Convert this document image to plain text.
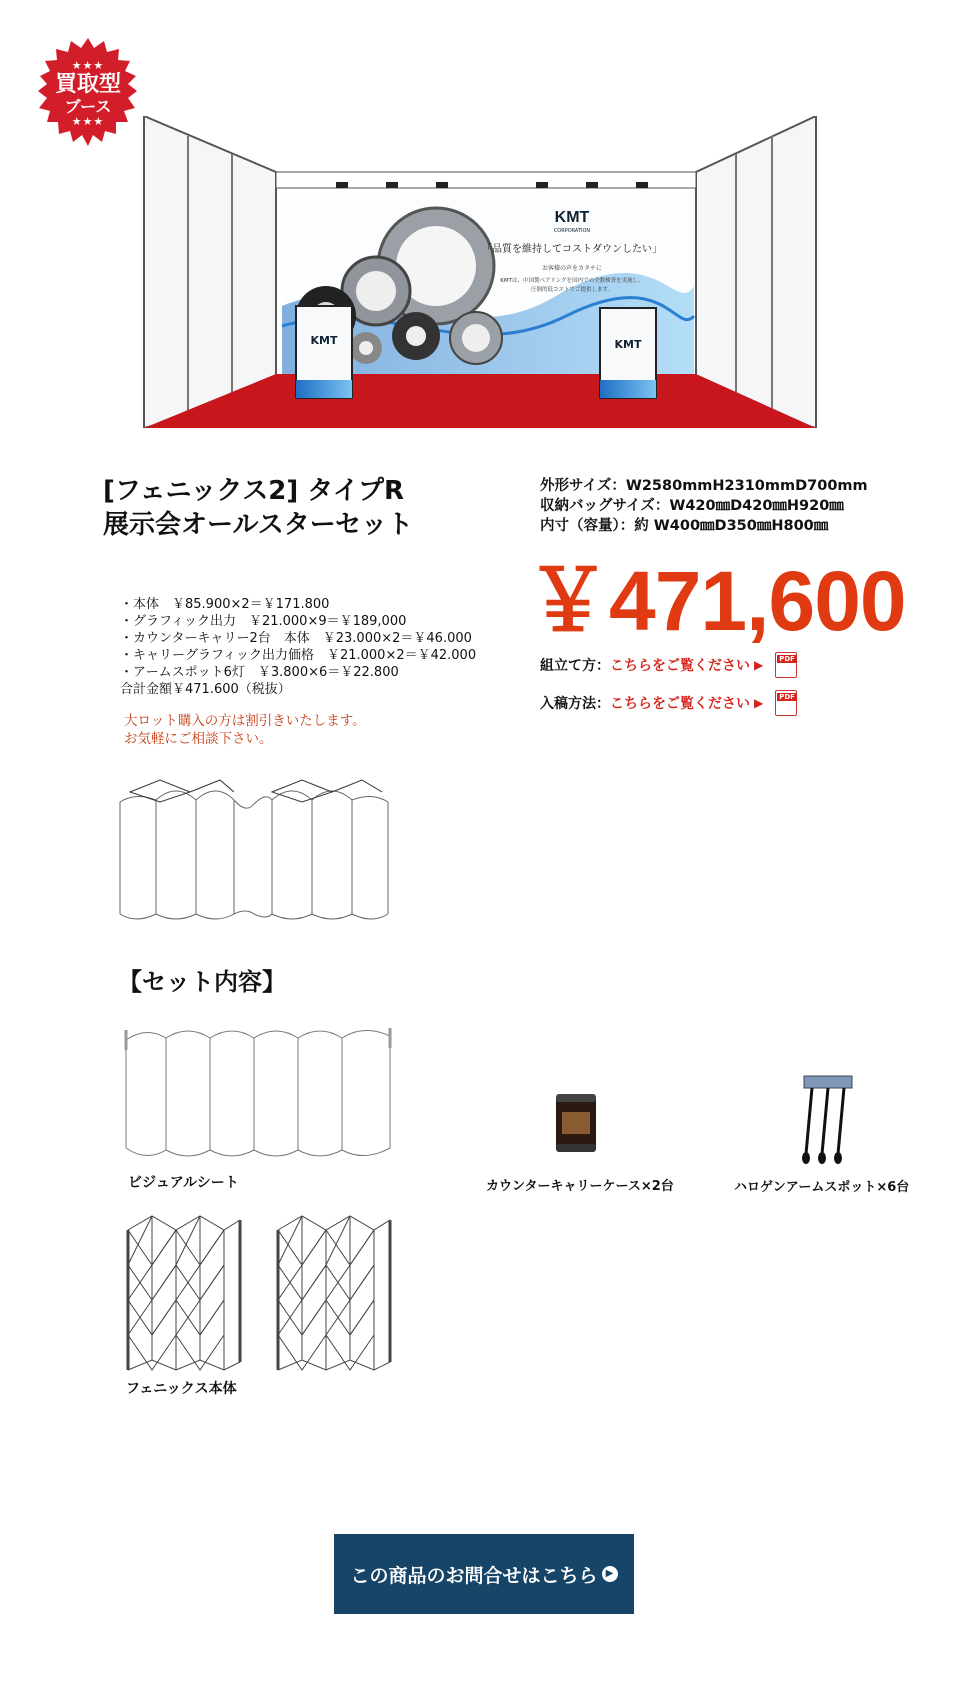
★★★
買取型
ブース
★★★
KMT
CORPORATION
「品質を維持してコストダウンしたい」
お客様の声をカタチに
KMTは、中国製ベアリングを国内での全数検査を実施し、
圧倒的低コストでご提供します。
KMT	KMT
[フェニックス2] タイプR
展示会オールスターセット
外形サイズ：W2580mmH2310mmD700mm
収納バッグサイズ：W420㎜D420㎜H920㎜
内寸（容量）：約 W400㎜D350㎜H800㎜
￥471,600
組立て方： こちらをご覧ください ▶ PDF
入稿方法： こちらをご覧ください ▶ PDF
・本体　￥85.900×2＝￥171.800
・グラフィック出力　￥21.000×9＝￥189,000
・カウンターキャリー2台　本体　￥23.000×2＝￥46.000
・キャリーグラフィック出力価格　￥21.000×2＝￥42.000
・アームスポット6灯　￥3.800×6＝￥22.800
合計金額￥471.600（税抜）
大ロット購入の方は割引きいたします。
お気軽にご相談下さい。
【セット内容】
ビジュアルシート	カウンターキャリーケース×2台	ハロゲンアームスポット×6台
フェニックス本体
この商品のお問合せはこちら ▶
